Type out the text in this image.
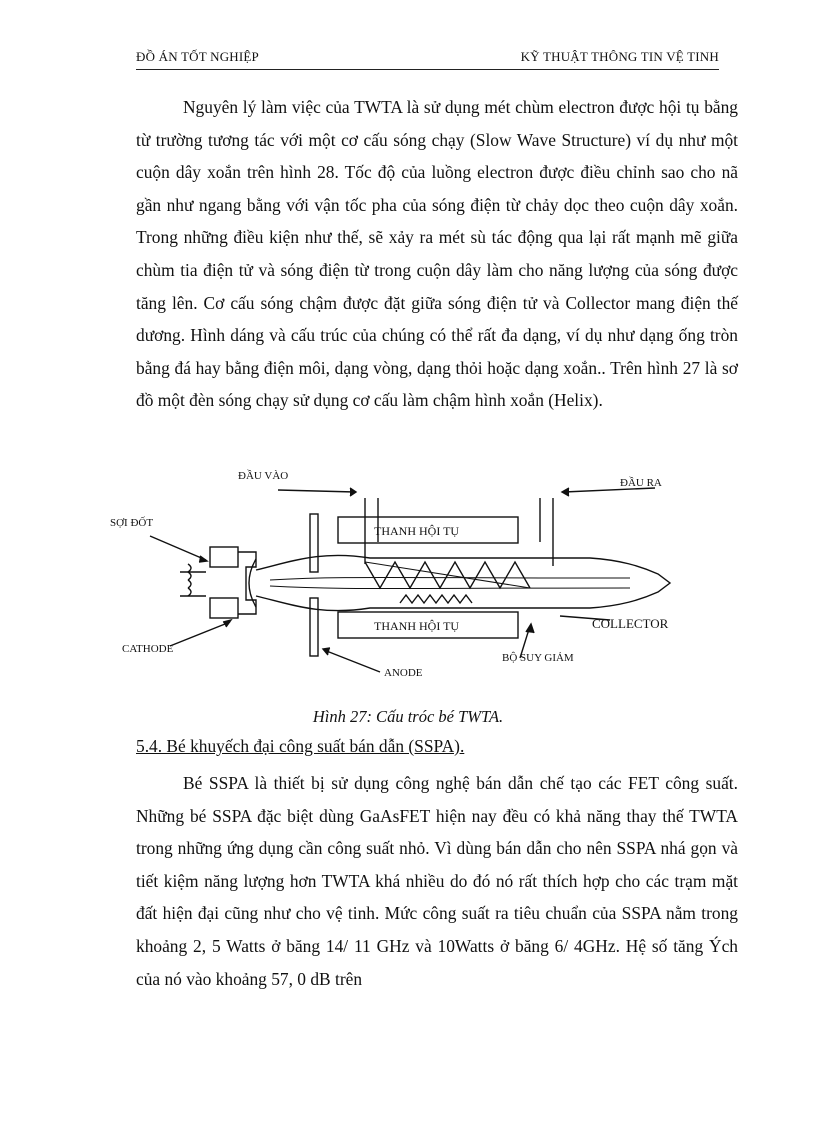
ĐỒ ÁN TỐT NGHIỆP	KỸ THUẬT THÔNG TIN VỆ TINH

Nguyên lý làm việc của TWTA là sử dụng mét chùm electron được hội tụ bằng từ trường tương tác với một cơ cấu sóng chạy (Slow Wave Structure) ví dụ như một cuộn dây xoắn trên hình 28. Tốc độ của luồng electron được điều chỉnh sao cho nã gần như ngang bằng với vận tốc pha của sóng điện từ chảy dọc theo cuộn dây xoắn. Trong những điều kiện như thế, sẽ xảy ra mét sù tác động qua lại rất mạnh mẽ giữa chùm tia điện tử và sóng điện từ trong cuộn dây làm cho năng lượng của sóng được tăng lên. Cơ cấu sóng chậm được đặt giữa sóng điện tử và Collector mang điện thế dương. Hình dáng và cấu trúc của chúng có thể rất đa dạng, ví dụ như dạng ống tròn bằng đá hay bằng điện môi, dạng vòng, dạng thỏi hoặc dạng xoắn.. Trên hình 27 là sơ đồ một đèn sóng chạy sử dụng cơ cấu làm chậm hình xoắn (Helix).

ĐẦU VÀO
ĐẦU RA
SỢI ĐỐT
THANH HỘI TỤ
THANH HỘI TỤ	COLLECTOR
CATHODE
ANODE
BỘ SUY GIẢM
Hình 27: Cấu tróc bé TWTA.
5.4. Bé khuyếch đại công suất bán dẫn (SSPA).

Bé SSPA là thiết bị sử dụng công nghệ bán dẫn chế tạo các FET công suất. Những bé SSPA đặc biệt dùng GaAsFET hiện nay đều có khả năng thay thế TWTA trong những ứng dụng cần công suất nhỏ. Vì dùng bán dẫn cho nên SSPA nhá gọn và tiết kiệm năng lượng hơn TWTA khá nhiều do đó nó rất thích hợp cho các trạm mặt đất hiện đại cũng như cho vệ tinh. Mức công suất ra tiêu chuẩn của SSPA nằm trong khoảng 2, 5 Watts ở băng 14/ 11 GHz và 10Watts ở băng 6/ 4GHz. Hệ số tăng Ých của nó vào khoảng 57, 0 dB trên
